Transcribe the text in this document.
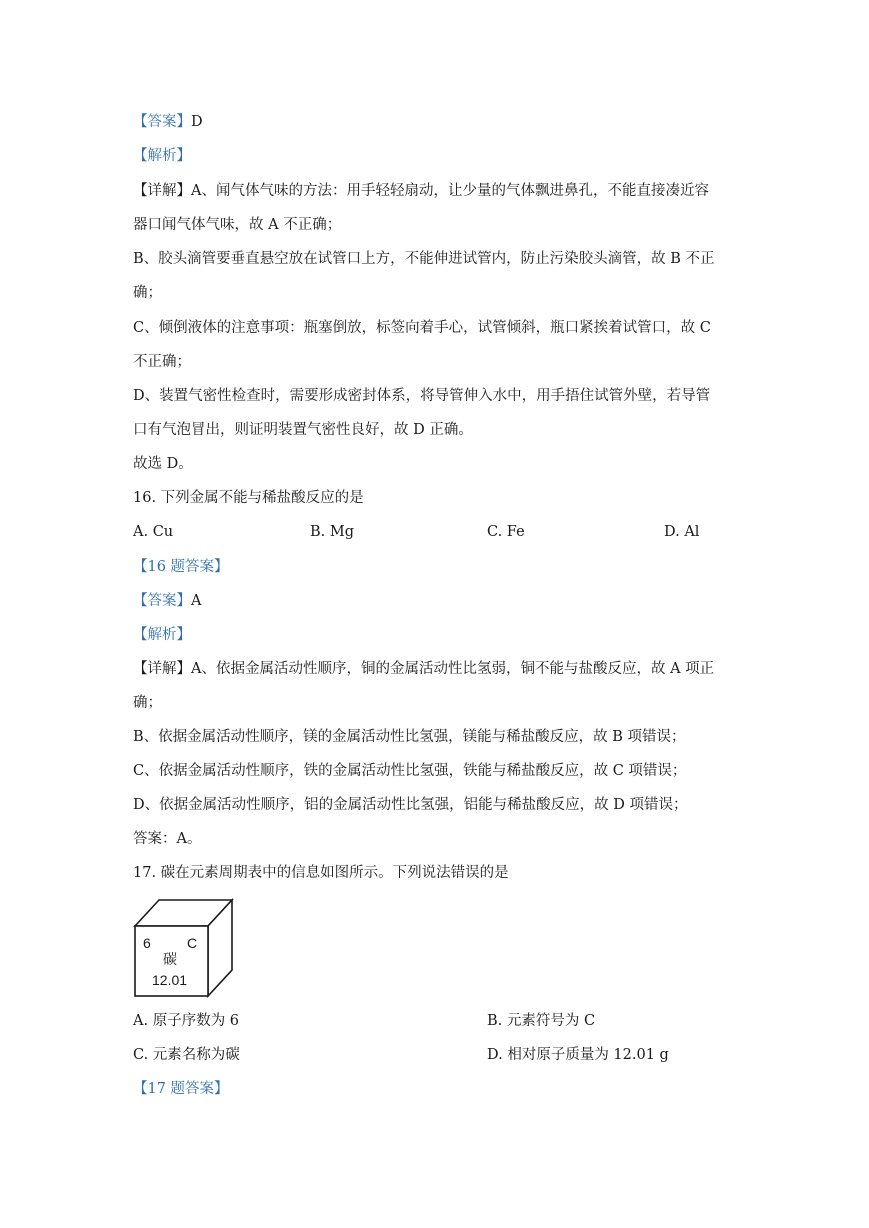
【答案】D
【解析】
【详解】A、闻气体气味的方法：用手轻轻扇动，让少量的气体飘进鼻孔，不能直接凑近容
器口闻气体气味，故 A 不正确；
B、胶头滴管要垂直悬空放在试管口上方，不能伸进试管内，防止污染胶头滴管，故 B 不正
确；
C、倾倒液体的注意事项：瓶塞倒放，标签向着手心，试管倾斜，瓶口紧挨着试管口，故 C
不正确；
D、装置气密性检查时，需要形成密封体系，将导管伸入水中，用手捂住试管外壁，若导管
口有气泡冒出，则证明装置气密性良好，故 D 正确。
故选 D。
16. 下列金属不能与稀盐酸反应的是
A. Cu	B. Mg	C. Fe	D. Al
【16 题答案】
【答案】A
【解析】
【详解】A、依据金属活动性顺序，铜的金属活动性比氢弱，铜不能与盐酸反应，故 A 项正
确；
B、依据金属活动性顺序，镁的金属活动性比氢强，镁能与稀盐酸反应，故 B 项错误；
C、依据金属活动性顺序，铁的金属活动性比氢强，铁能与稀盐酸反应，故 C 项错误；
D、依据金属活动性顺序，铝的金属活动性比氢强，铝能与稀盐酸反应，故 D 项错误；
答案：A。
17. 碳在元素周期表中的信息如图所示。下列说法错误的是
6	C
碳
12.01
A. 原子序数为 6	B. 元素符号为 C
C. 元素名称为碳	D. 相对原子质量为 12.01 g
【17 题答案】
